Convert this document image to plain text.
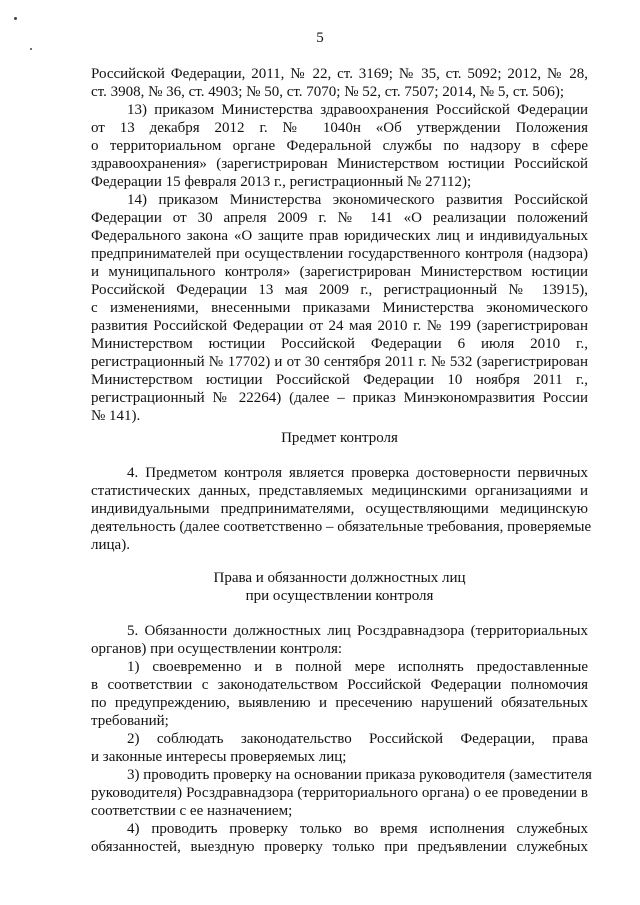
5
Российской Федерации, 2011, № 22, ст. 3169; № 35, ст. 5092; 2012, № 28,
ст. 3908, № 36, ст. 4903; № 50, ст. 7070; № 52, ст. 7507; 2014, № 5, ст. 506);
13) приказом Министерства здравоохранения Российской Федерации
от 13 декабря 2012 г. № 1040н «Об утверждении Положения
о территориальном органе Федеральной службы по надзору в сфере
здравоохранения» (зарегистрирован Министерством юстиции Российской
Федерации 15 февраля 2013 г., регистрационный № 27112);
14) приказом Министерства экономического развития Российской
Федерации от 30 апреля 2009 г. № 141 «О реализации положений
Федерального закона «О защите прав юридических лиц и индивидуальных
предпринимателей при осуществлении государственного контроля (надзора)
и муниципального контроля» (зарегистрирован Министерством юстиции
Российской Федерации 13 мая 2009 г., регистрационный № 13915),
с изменениями, внесенными приказами Министерства экономического
развития Российской Федерации от 24 мая 2010 г. № 199 (зарегистрирован
Министерством юстиции Российской Федерации 6 июля 2010 г.,
регистрационный № 17702) и от 30 сентября 2011 г. № 532 (зарегистрирован
Министерством юстиции Российской Федерации 10 ноября 2011 г.,
регистрационный № 22264) (далее – приказ Минэкономразвития России
№ 141).
Предмет контроля
4. Предметом контроля является проверка достоверности первичных
статистических данных, представляемых медицинскими организациями и
индивидуальными предпринимателями, осуществляющими медицинскую
деятельность (далее соответственно – обязательные требования, проверяемые
лица).
Права и обязанности должностных лиц
при осуществлении контроля
5. Обязанности должностных лиц Росздравнадзора (территориальных
органов) при осуществлении контроля:
1) своевременно и в полной мере исполнять предоставленные
в соответствии с законодательством Российской Федерации полномочия
по предупреждению, выявлению и пресечению нарушений обязательных
требований;
2) соблюдать законодательство Российской Федерации, права
и законные интересы проверяемых лиц;
3) проводить проверку на основании приказа руководителя (заместителя
руководителя) Росздравнадзора (территориального органа) о ее проведении в
соответствии с ее назначением;
4) проводить проверку только во время исполнения служебных
обязанностей, выездную проверку только при предъявлении служебных
